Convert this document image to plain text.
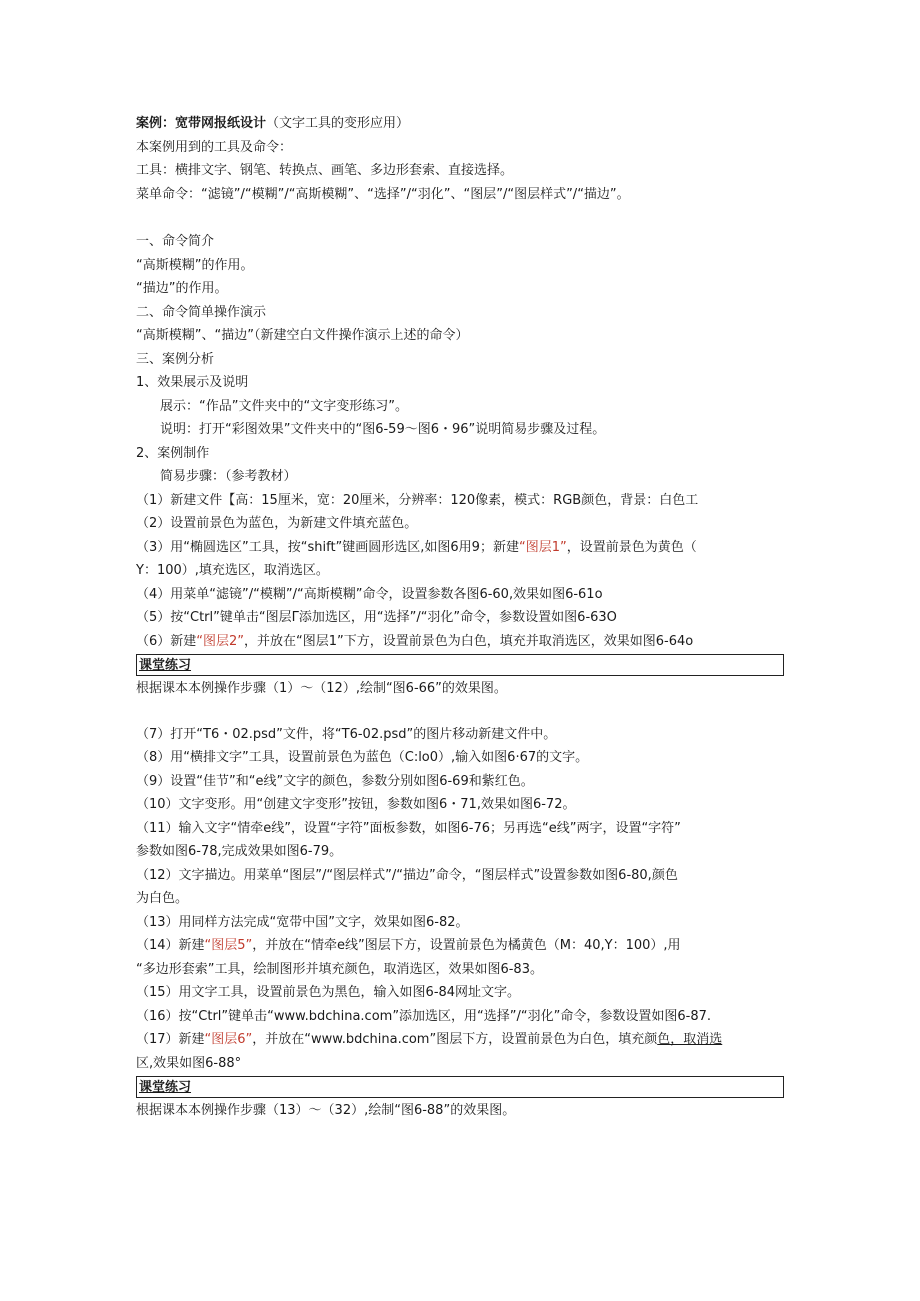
案例：宽带网报纸设计（文字工具的变形应用）
本案例用到的工具及命令：
工具：横排文字、钢笔、转换点、画笔、多边形套索、直接选择。
菜单命令：“滤镜”/“模糊”/“高斯模糊”、“选择”/“羽化”、“图层”/“图层样式”/“描边”。
一、命令简介
“高斯模糊”的作用。
“描边”的作用。
二、命令简单操作演示
“高斯模糊”、“描边”（新建空白文件操作演示上述的命令）
三、案例分析
1、效果展示及说明
展示：“作品”文件夹中的“文字变形练习”。
说明：打开“彩图效果”文件夹中的“图6-59～图6・96”说明简易步骤及过程。
2、案例制作
简易步骤：（参考教材）
（1）新建文件【高：15厘米，宽：20厘米，分辨率：120像素，模式：RGB颜色，背景：白色工
（2）设置前景色为蓝色，为新建文件填充蓝色。
（3）用“椭圆选区”工具，按“shift”键画圆形选区,如图6用9；新建“图层1”，设置前景色为黄色（
Y：100）,填充选区，取消选区。
（4）用菜单“滤镜”/“模糊”/“高斯模糊”命令，设置参数各图6-60,效果如图6-61o
（5）按“Ctrl”键单击“图层Γ添加选区，用“选择”/“羽化”命令，参数设置如图6-63O
（6）新建“图层2”，并放在“图层1”下方，设置前景色为白色，填充并取消选区，效果如图6-64o
课堂练习
根据课本本例操作步骤（1）～（12）,绘制“图6-66”的效果图。
（7）打开“T6・02.psd”文件，将“T6-02.psd”的图片移动新建文件中。
（8）用“横排文字”工具，设置前景色为蓝色（C:lo0）,输入如图6·67的文字。
（9）设置“佳节”和“e线”文字的颜色，参数分别如图6-69和紫红色。
（10）文字变形。用“创建文字变形”按钮，参数如图6・71,效果如图6-72。
（11）输入文字“情牵e线”，设置“字符”面板参数，如图6-76；另再选“e线”两字，设置“字符”
参数如图6-78,完成效果如图6-79。
（12）文字描边。用菜单“图层”/“图层样式”/“描边”命令，“图层样式”设置参数如图6-80,颜色
为白色。
（13）用同样方法完成“宽带中国”文字，效果如图6-82。
（14）新建“图层5”，并放在“情牵e线”图层下方，设置前景色为橘黄色（M：40,Y：100）,用
“多边形套索”工具，绘制图形并填充颜色，取消选区，效果如图6-83。
（15）用文字工具，设置前景色为黑色，输入如图6-84网址文字。
（16）按“Ctrl”键单击“www.bdchina.com”添加选区，用“选择”/“羽化”命令，参数设置如图6-87.
（17）新建“图层6”，并放在“www.bdchina.com”图层下方，设置前景色为白色，填充颜色，取消选
区,效果如图6-88°
课堂练习
根据课本本例操作步骤（13）～（32）,绘制“图6-88”的效果图。
